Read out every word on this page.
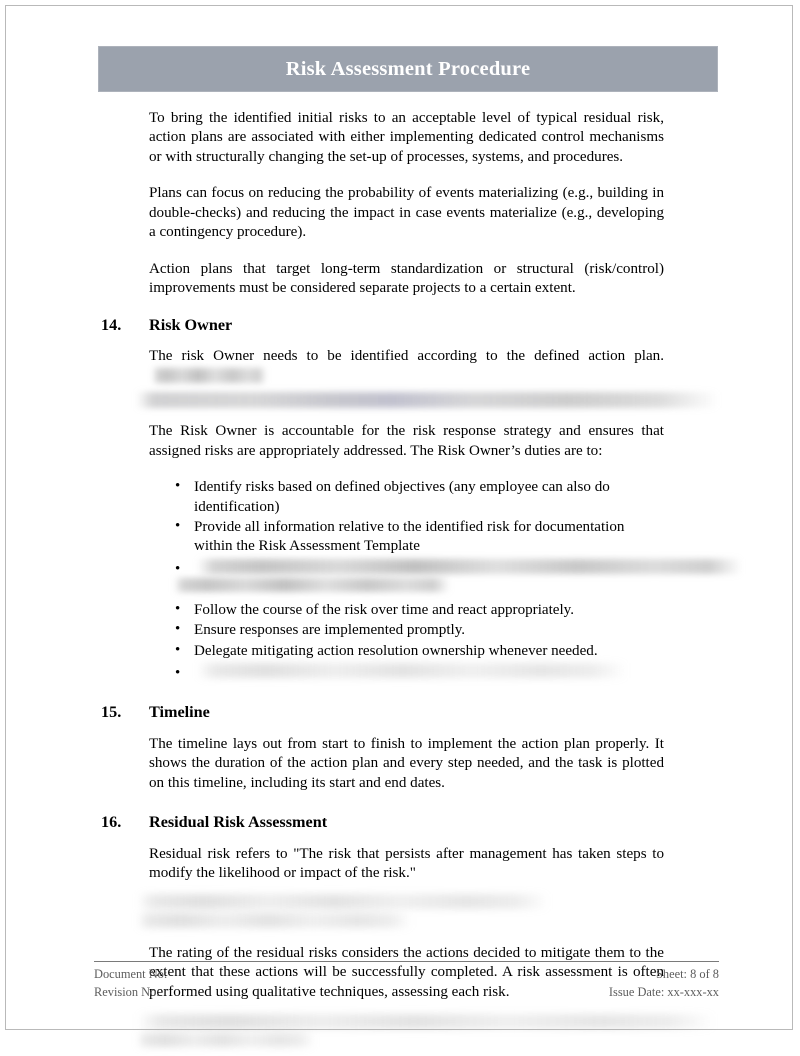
Risk Assessment Procedure

To bring the identified initial risks to an acceptable level of typical residual risk, action plans are associated with either implementing dedicated control mechanisms or with structurally changing the set-up of processes, systems, and procedures.

Plans can focus on reducing the probability of events materializing (e.g., building in double-checks) and reducing the impact in case events materialize (e.g., developing a contingency procedure).

Action plans that target long-term standardization or structural (risk/control) improvements must be considered separate projects to a certain extent.

14. Risk Owner

The risk Owner needs to be identified according to the defined action plan.

The Risk Owner is accountable for the risk response strategy and ensures that assigned risks are appropriately addressed. The Risk Owner’s duties are to:

• Identify risks based on defined objectives (any employee can also do identification)
• Provide all information relative to the identified risk for documentation within the Risk Assessment Template
•
• Follow the course of the risk over time and react appropriately.
• Ensure responses are implemented promptly.
• Delegate mitigating action resolution ownership whenever needed.
•
15. Timeline

The timeline lays out from start to finish to implement the action plan properly. It shows the duration of the action plan and every step needed, and the task is plotted on this timeline, including its start and end dates.

16. Residual Risk Assessment

Residual risk refers to "The risk that persists after management has taken steps to modify the likelihood or impact of the risk."

The rating of the residual risks considers the actions decided to mitigate them to the extent that these actions will be successfully completed. A risk assessment is often performed using qualitative techniques, assessing each risk.

Document No:	Sheet: 8 of 8
Revision No:	Issue Date: xx-xxx-xx
